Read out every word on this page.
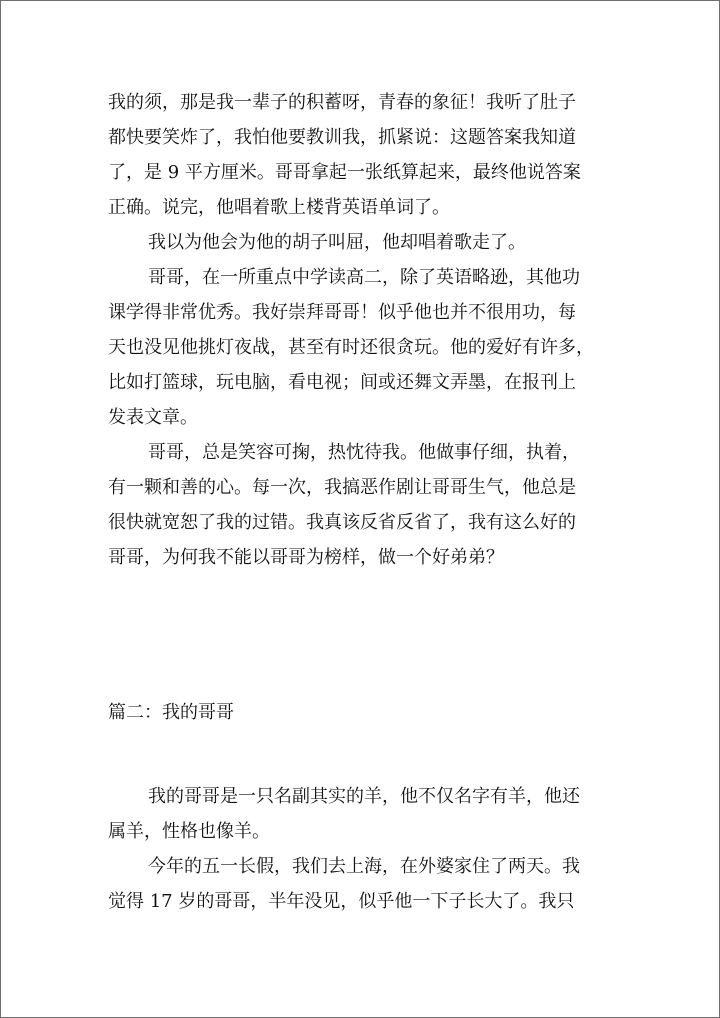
我的须，那是我一辈子的积蓄呀，青春的象征！我听了肚子
都快要笑炸了，我怕他要教训我，抓紧说：这题答案我知道
了，是 9 平方厘米。哥哥拿起一张纸算起来，最终他说答案
正确。说完，他唱着歌上楼背英语单词了。
我以为他会为他的胡子叫屈，他却唱着歌走了。
哥哥，在一所重点中学读高二，除了英语略逊，其他功
课学得非常优秀。我好崇拜哥哥！似乎他也并不很用功，每
天也没见他挑灯夜战，甚至有时还很贪玩。他的爱好有许多，
比如打篮球，玩电脑，看电视；间或还舞文弄墨，在报刊上
发表文章。
哥哥，总是笑容可掬，热忱待我。他做事仔细，执着，
有一颗和善的心。每一次，我搞恶作剧让哥哥生气，他总是
很快就宽恕了我的过错。我真该反省反省了，我有这么好的
哥哥，为何我不能以哥哥为榜样，做一个好弟弟？
篇二：我的哥哥
我的哥哥是一只名副其实的羊，他不仅名字有羊，他还
属羊，性格也像羊。
今年的五一长假，我们去上海，在外婆家住了两天。我
觉得 17 岁的哥哥，半年没见，似乎他一下子长大了。我只
